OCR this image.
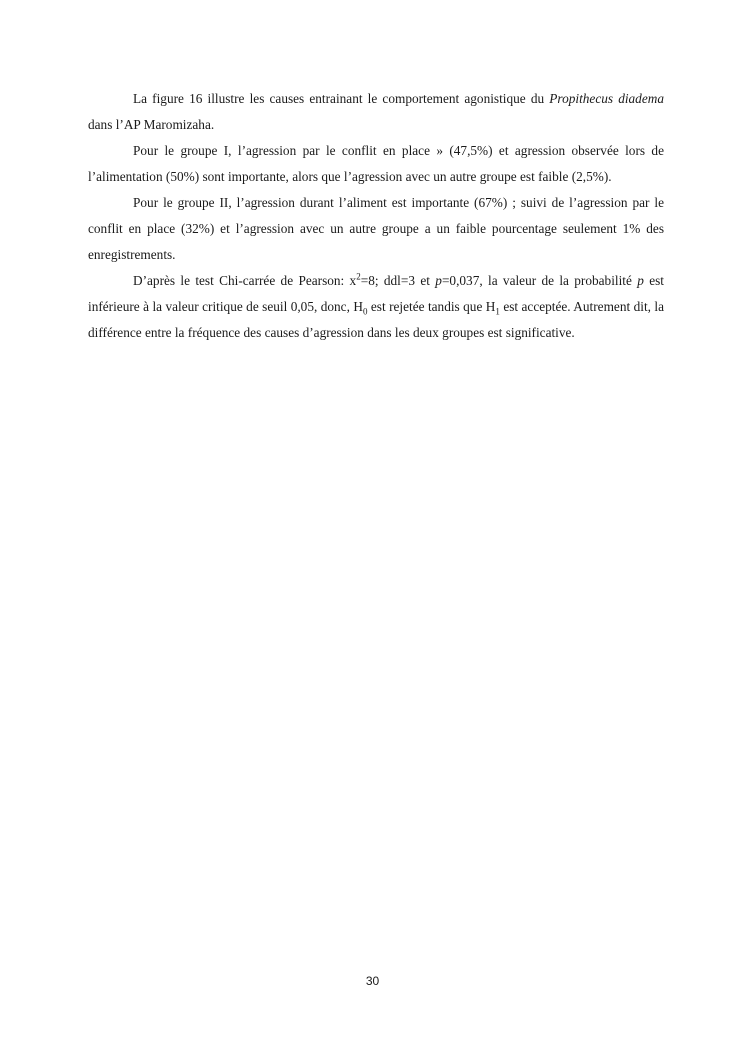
La figure 16 illustre les causes entrainant le comportement agonistique du Propithecus diadema dans l’AP Maromizaha.

Pour le groupe I, l’agression par le conflit en place » (47,5%) et agression observée lors de l’alimentation (50%) sont importante, alors que l’agression avec un autre groupe est faible (2,5%).

Pour le groupe II, l’agression durant l’aliment est importante (67%) ; suivi de l’agression par le conflit en place (32%) et l’agression avec un autre groupe a un faible pourcentage seulement 1% des enregistrements.

D’après le test Chi-carrée de Pearson: $x^2=8$; ddl=3 et p=0,037, la valeur de la probabilité p est inférieure à la valeur critique de seuil 0,05, donc, $H_0$ est rejetée tandis que $H_1$ est acceptée. Autrement dit, la différence entre la fréquence des causes d’agression dans les deux groupes est significative.

30
